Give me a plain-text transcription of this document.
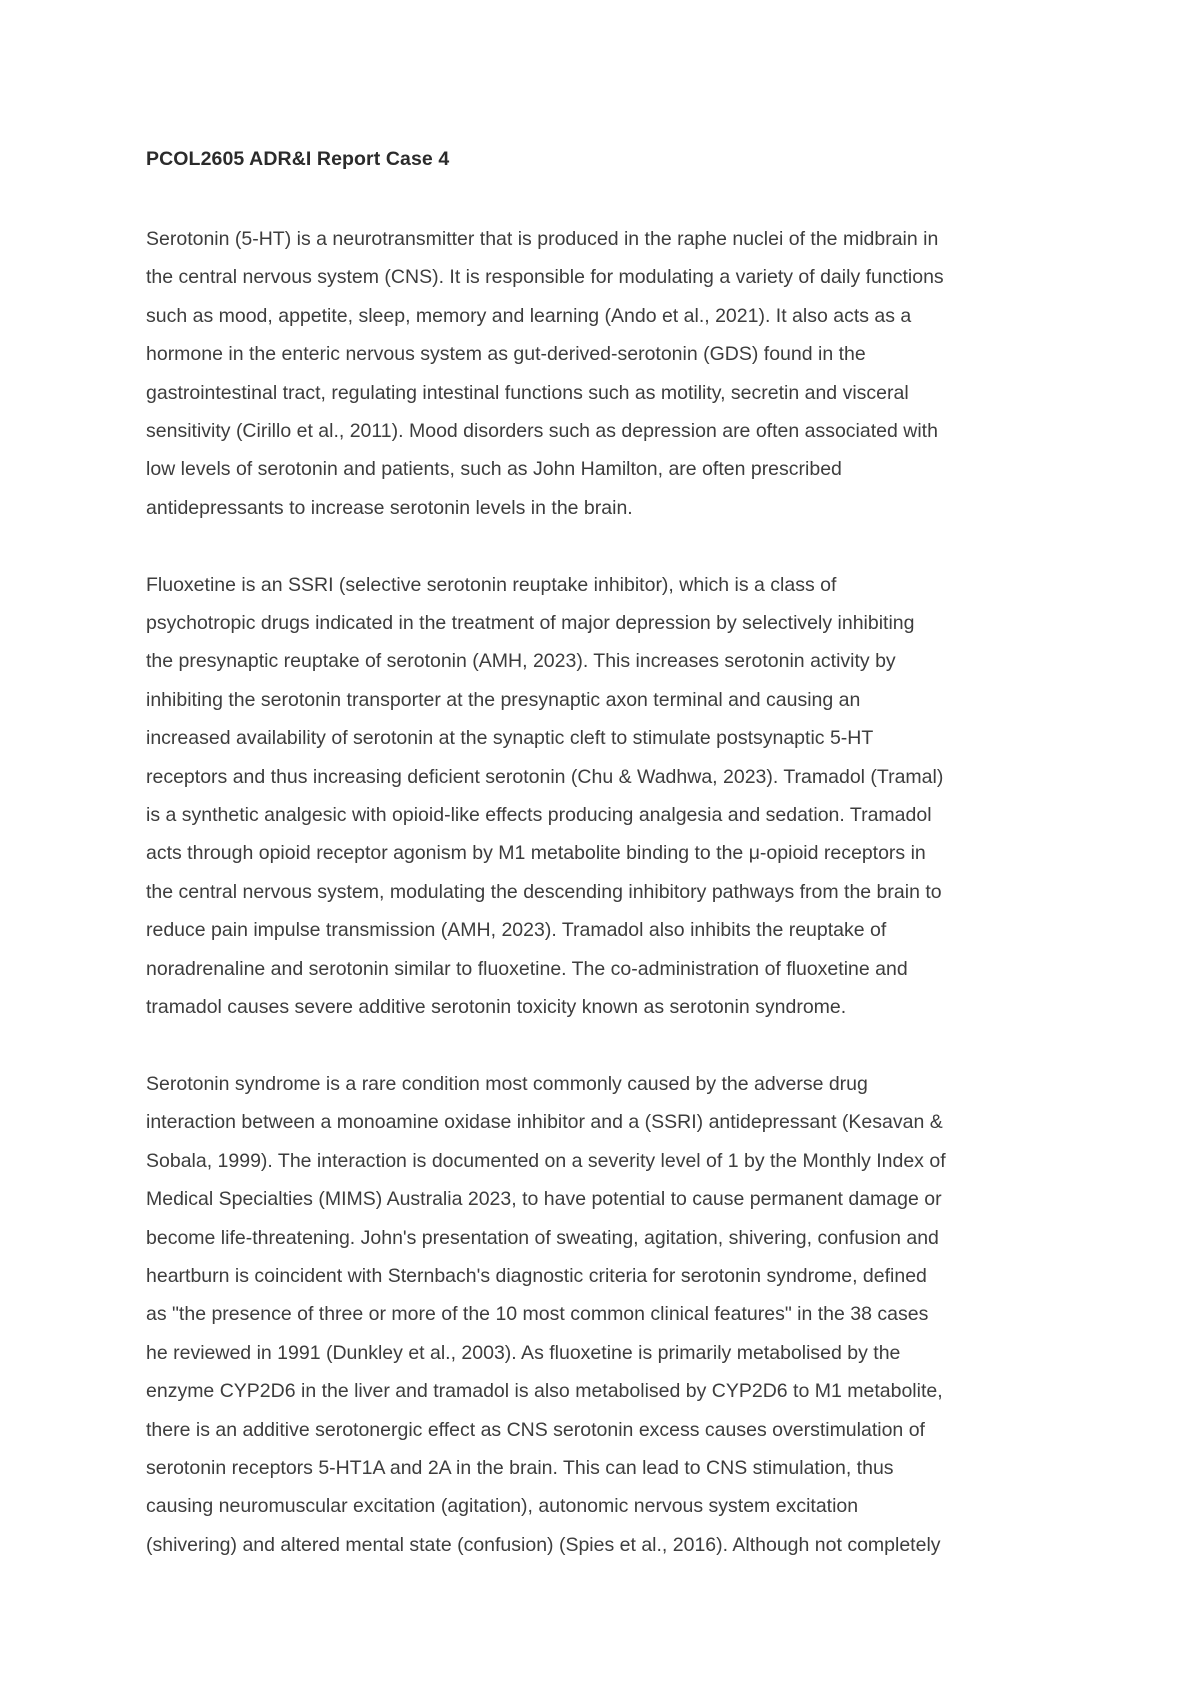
PCOL2605 ADR&I Report Case 4
Serotonin (5-HT) is a neurotransmitter that is produced in the raphe nuclei of the midbrain in
the central nervous system (CNS). It is responsible for modulating a variety of daily functions
such as mood, appetite, sleep, memory and learning (Ando et al., 2021). It also acts as a
hormone in the enteric nervous system as gut-derived-serotonin (GDS) found in the
gastrointestinal tract, regulating intestinal functions such as motility, secretin and visceral
sensitivity (Cirillo et al., 2011). Mood disorders such as depression are often associated with
low levels of serotonin and patients, such as John Hamilton, are often prescribed
antidepressants to increase serotonin levels in the brain.
Fluoxetine is an SSRI (selective serotonin reuptake inhibitor), which is a class of
psychotropic drugs indicated in the treatment of major depression by selectively inhibiting
the presynaptic reuptake of serotonin (AMH, 2023). This increases serotonin activity by
inhibiting the serotonin transporter at the presynaptic axon terminal and causing an
increased availability of serotonin at the synaptic cleft to stimulate postsynaptic 5-HT
receptors and thus increasing deficient serotonin (Chu & Wadhwa, 2023). Tramadol (Tramal)
is a synthetic analgesic with opioid-like effects producing analgesia and sedation. Tramadol
acts through opioid receptor agonism by M1 metabolite binding to the μ-opioid receptors in
the central nervous system, modulating the descending inhibitory pathways from the brain to
reduce pain impulse transmission (AMH, 2023). Tramadol also inhibits the reuptake of
noradrenaline and serotonin similar to fluoxetine. The co-administration of fluoxetine and
tramadol causes severe additive serotonin toxicity known as serotonin syndrome.
Serotonin syndrome is a rare condition most commonly caused by the adverse drug
interaction between a monoamine oxidase inhibitor and a (SSRI) antidepressant (Kesavan &
Sobala, 1999). The interaction is documented on a severity level of 1 by the Monthly Index of
Medical Specialties (MIMS) Australia 2023, to have potential to cause permanent damage or
become life-threatening. John's presentation of sweating, agitation, shivering, confusion and
heartburn is coincident with Sternbach's diagnostic criteria for serotonin syndrome, defined
as "the presence of three or more of the 10 most common clinical features" in the 38 cases
he reviewed in 1991 (Dunkley et al., 2003). As fluoxetine is primarily metabolised by the
enzyme CYP2D6 in the liver and tramadol is also metabolised by CYP2D6 to M1 metabolite,
there is an additive serotonergic effect as CNS serotonin excess causes overstimulation of
serotonin receptors 5-HT1A and 2A in the brain. This can lead to CNS stimulation, thus
causing neuromuscular excitation (agitation), autonomic nervous system excitation
(shivering) and altered mental state (confusion) (Spies et al., 2016). Although not completely
